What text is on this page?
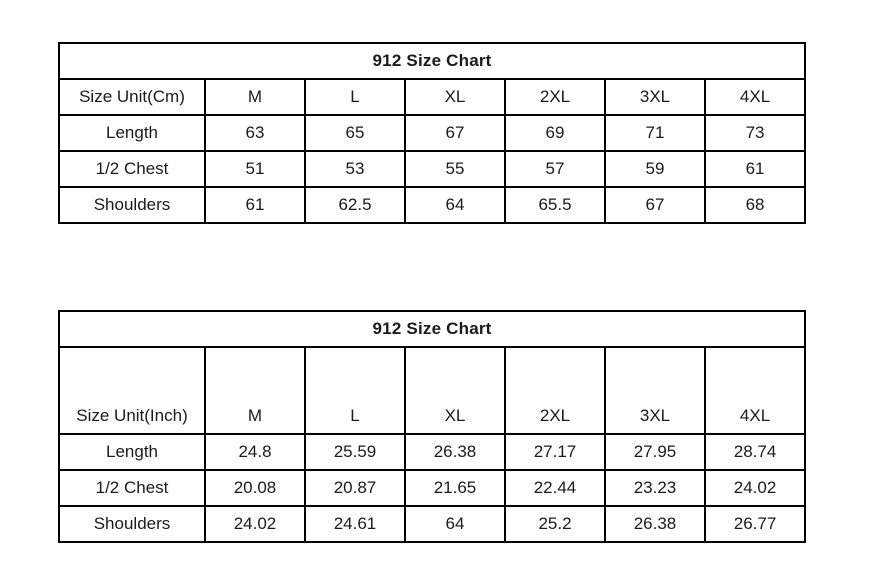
912 Size Chart						
Size Unit(Cm)	M	L	XL	2XL	3XL	4XL
Length	63	65	67	69	71	73
1/2 Chest	51	53	55	57	59	61
Shoulders	61	62.5	64	65.5	67	68
912 Size Chart						
Size Unit(Inch)	M	L	XL	2XL	3XL	4XL
Length	24.8	25.59	26.38	27.17	27.95	28.74
1/2 Chest	20.08	20.87	21.65	22.44	23.23	24.02
Shoulders	24.02	24.61	64	25.2	26.38	26.77
